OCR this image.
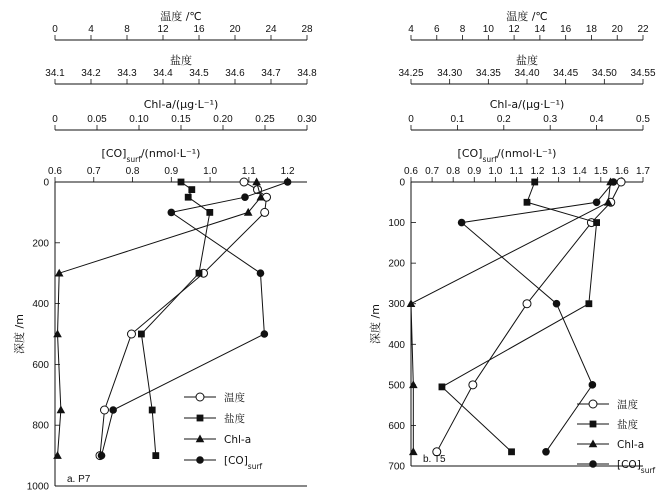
0	4	8	12 16 20 24 28
温度 /℃
34.1 34.2 34.3 34.4 34.5 34.6 34.7 34.8
盐度
0	0.05 0.10 0.15 0.20 0.25 0.30
Chl-a/(μg·L⁻¹)
0.6 0.7 0.8 0.9 1.0 1.1 1.2
$[CO]_{surf}/(nmol\cdot L^{-1})$
0
200
400
600
800
1000
深度 /m
温度
盐度
Chl-a
$[CO]_{surf}$
a. P7
4 6 8 10 12 14 16 18 20 22
温度 /℃
34.25 34.30 34.35 34.40 34.45 34.50 34.55
盐度
0	0.1	0.2	0.3	0.4	0.5
Chl-a/(μg·L⁻¹)
0.6 0.7 0.8 0.9 1.0 1.1 1.2 1.3 1.4 1.5 1.6 1.7
$[CO]_{surf}/(nmol\cdot L^{-1})$
0
100
200
300
400
500
600
700
深度 /m
温度
盐度
Chl-a
$[CO]_{surf}$
b. T5
